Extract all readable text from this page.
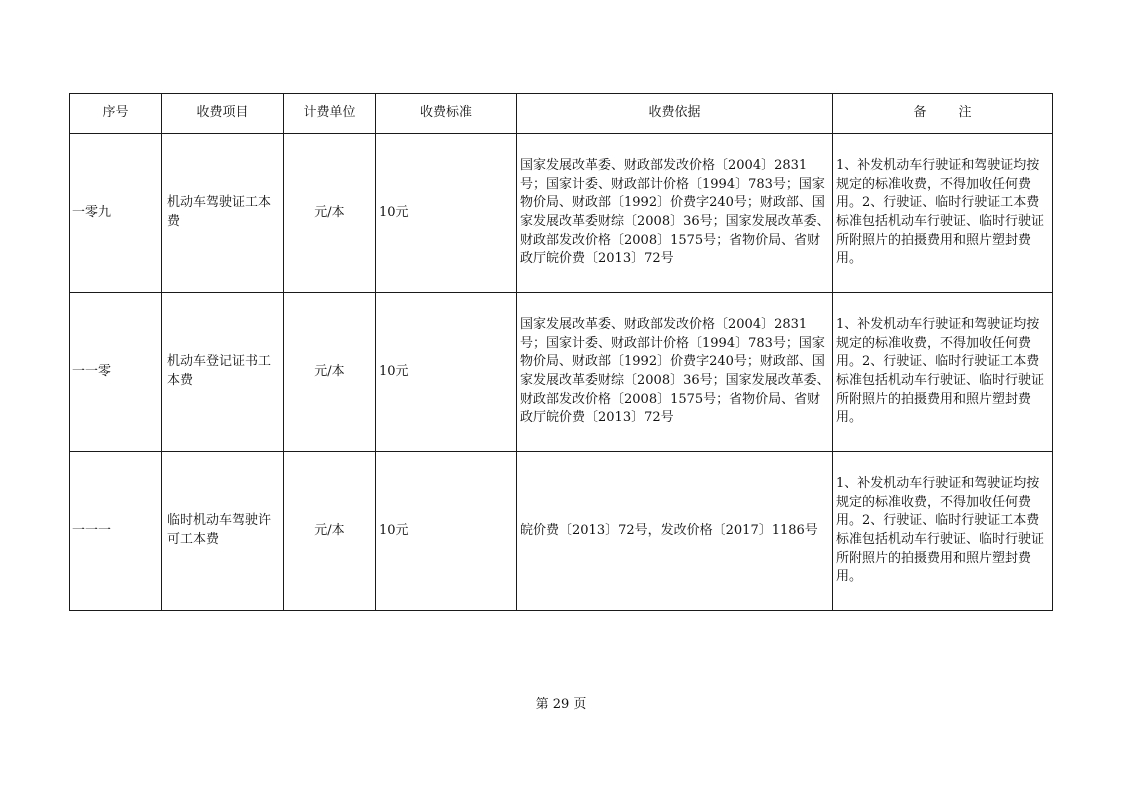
序号	收费项目	计费单位	收费标准	收费依据	备 注
一零九	机动车驾驶证工本费	元/本	10元	国家发展改革委、财政部发改价格〔2004〕2831号；国家计委、财政部计价格〔1994〕783号；国家物价局、财政部〔1992〕价费字240号；财政部、国家发展改革委财综〔2008〕36号；国家发展改革委、财政部发改价格〔2008〕1575号；省物价局、省财政厅皖价费〔2013〕72号	1、补发机动车行驶证和驾驶证均按规定的标准收费，不得加收任何费用。2、行驶证、临时行驶证工本费标准包括机动车行驶证、临时行驶证所附照片的拍摄费用和照片塑封费用。
一一零	机动车登记证书工本费	元/本	10元	国家发展改革委、财政部发改价格〔2004〕2831号；国家计委、财政部计价格〔1994〕783号；国家物价局、财政部〔1992〕价费字240号；财政部、国家发展改革委财综〔2008〕36号；国家发展改革委、财政部发改价格〔2008〕1575号；省物价局、省财政厅皖价费〔2013〕72号	1、补发机动车行驶证和驾驶证均按规定的标准收费，不得加收任何费用。2、行驶证、临时行驶证工本费标准包括机动车行驶证、临时行驶证所附照片的拍摄费用和照片塑封费用。
一一一	临时机动车驾驶许可工本费	元/本	10元	皖价费〔2013〕72号，发改价格〔2017〕1186号	1、补发机动车行驶证和驾驶证均按规定的标准收费，不得加收任何费用。2、行驶证、临时行驶证工本费标准包括机动车行驶证、临时行驶证所附照片的拍摄费用和照片塑封费用。
第 29 页
